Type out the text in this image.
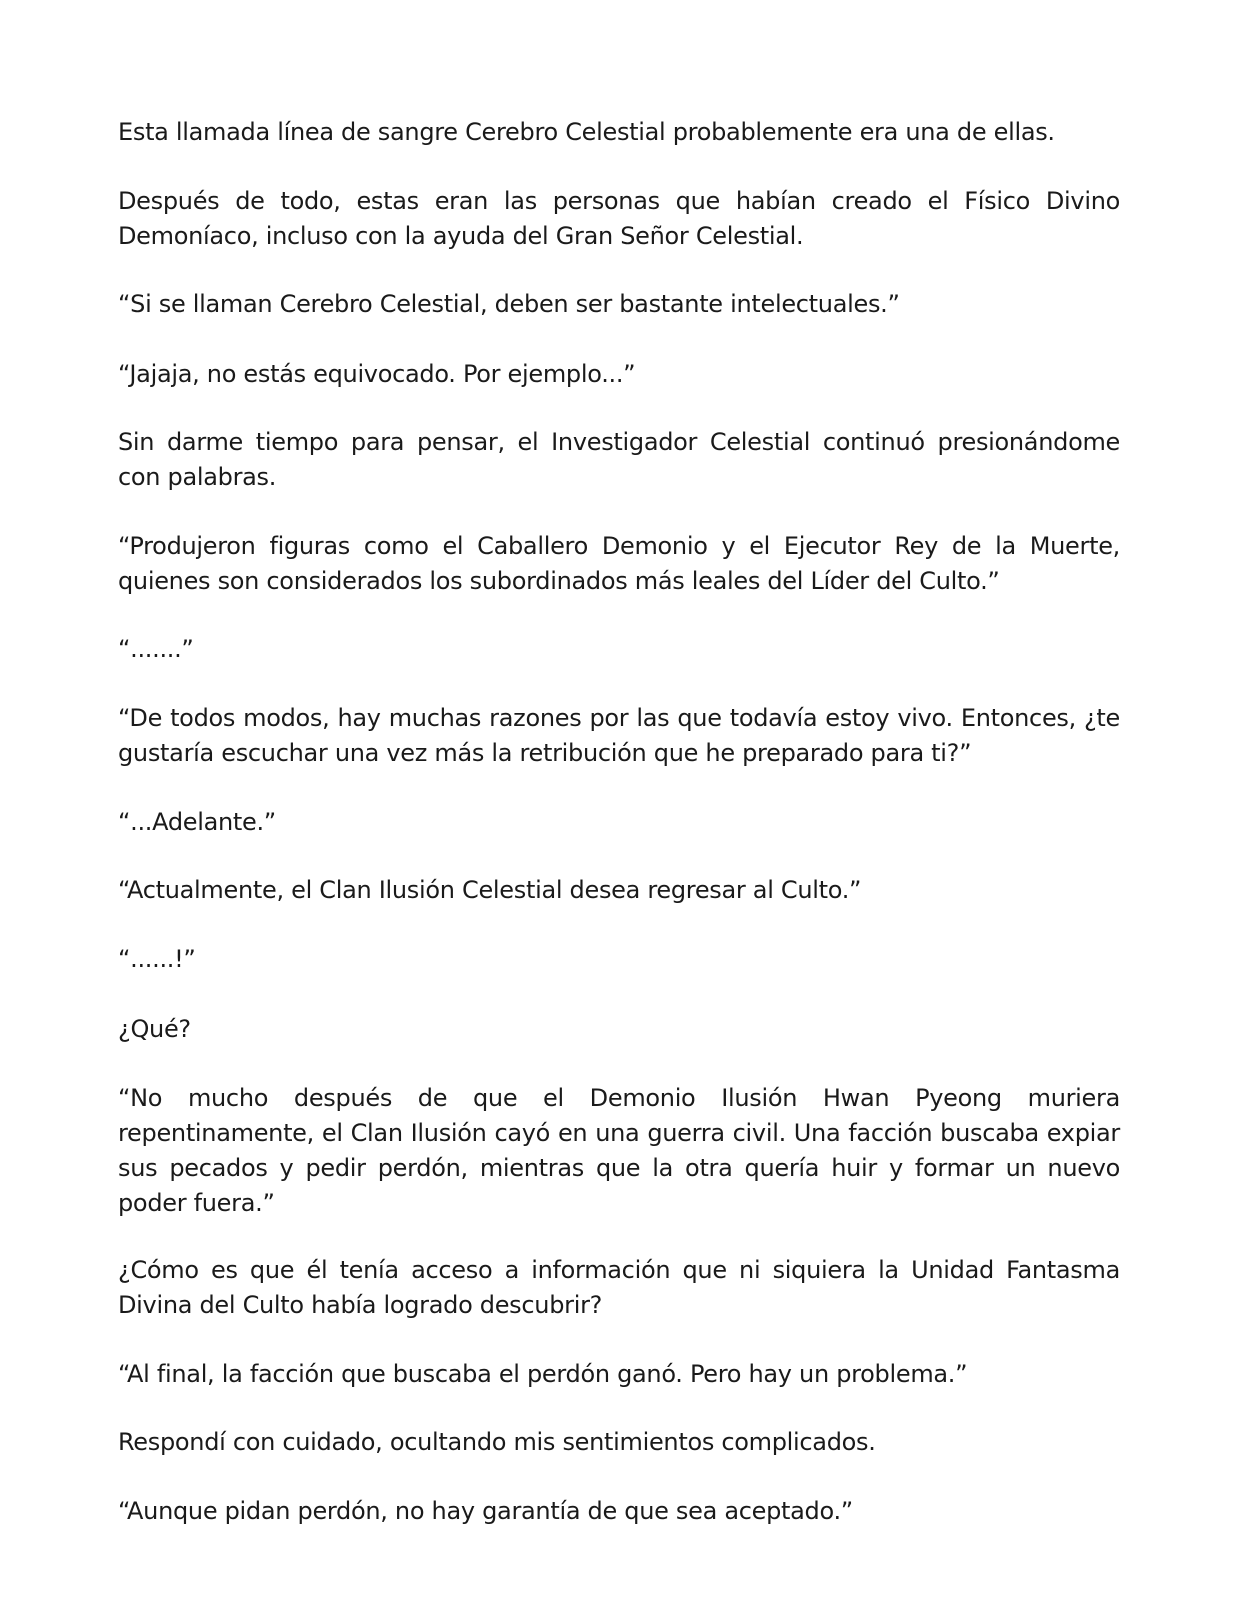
Esta llamada línea de sangre Cerebro Celestial probablemente era una de ellas.

Después de todo, estas eran las personas que habían creado el Físico Divino Demoníaco, incluso con la ayuda del Gran Señor Celestial.

“Si se llaman Cerebro Celestial, deben ser bastante intelectuales.”

“Jajaja, no estás equivocado. Por ejemplo...”

Sin darme tiempo para pensar, el Investigador Celestial continuó presionándome con palabras.

“Produjeron figuras como el Caballero Demonio y el Ejecutor Rey de la Muerte, quienes son considerados los subordinados más leales del Líder del Culto.”

“.......”

“De todos modos, hay muchas razones por las que todavía estoy vivo. Entonces, ¿te gustaría escuchar una vez más la retribución que he preparado para ti?”

“...Adelante.”

“Actualmente, el Clan Ilusión Celestial desea regresar al Culto.”

“......!”

¿Qué?

“No mucho después de que el Demonio Ilusión Hwan Pyeong muriera repentinamente, el Clan Ilusión cayó en una guerra civil. Una facción buscaba expiar sus pecados y pedir perdón, mientras que la otra quería huir y formar un nuevo poder fuera.”

¿Cómo es que él tenía acceso a información que ni siquiera la Unidad Fantasma Divina del Culto había logrado descubrir?

“Al final, la facción que buscaba el perdón ganó. Pero hay un problema.”

Respondí con cuidado, ocultando mis sentimientos complicados.

“Aunque pidan perdón, no hay garantía de que sea aceptado.”
